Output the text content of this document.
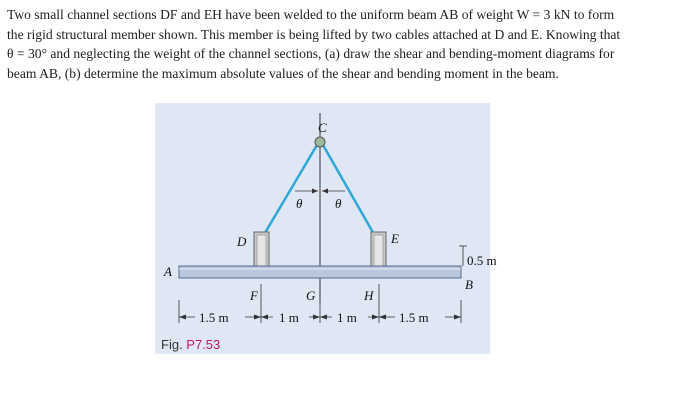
Two small channel sections DF and EH have been welded to the uniform beam AB of weight W = 3 kN to form
the rigid structural member shown. This member is being lifted by two cables attached at D and E. Knowing that
θ = 30° and neglecting the weight of the channel sections, (a) draw the shear and bending-moment diagrams for
beam AB, (b) determine the maximum absolute values of the shear and bending moment in the beam.
C
θ	θ
D	E
A
B
0.5 m
F	G	H
1.5 m	1 m	1 m	1.5 m
Fig. P7.53
